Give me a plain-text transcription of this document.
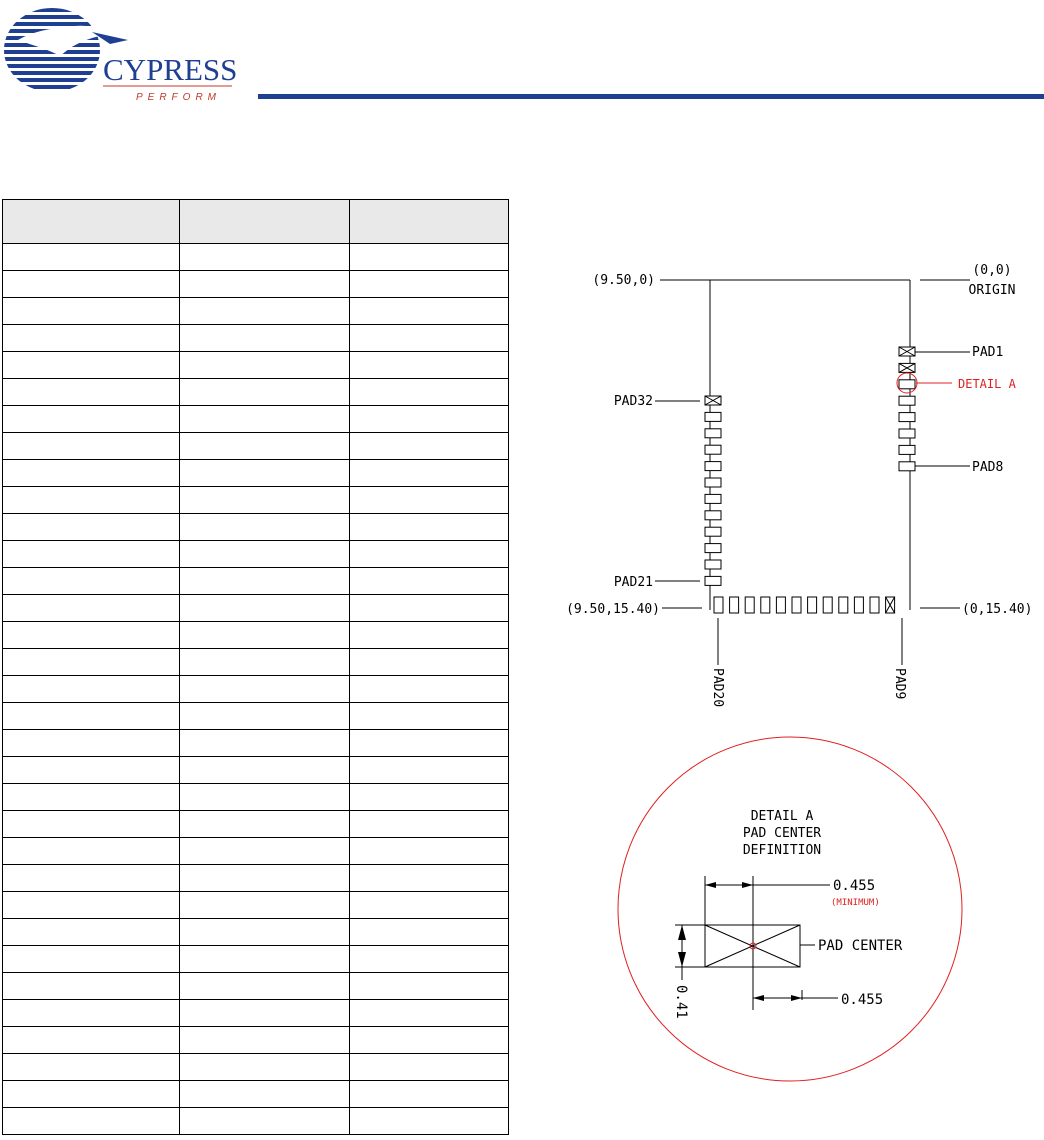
CYPRESS
PERFORM

(9.50,0)
(0,0)
ORIGIN
PAD1
DETAIL A
PAD8
PAD32
PAD21
(9.50,15.40)	(0,15.40)
PAD20	PAD9
DETAIL A
PAD CENTER
DEFINITION
0.455
(MINIMUM)
PAD CENTER
0.455
0.41
